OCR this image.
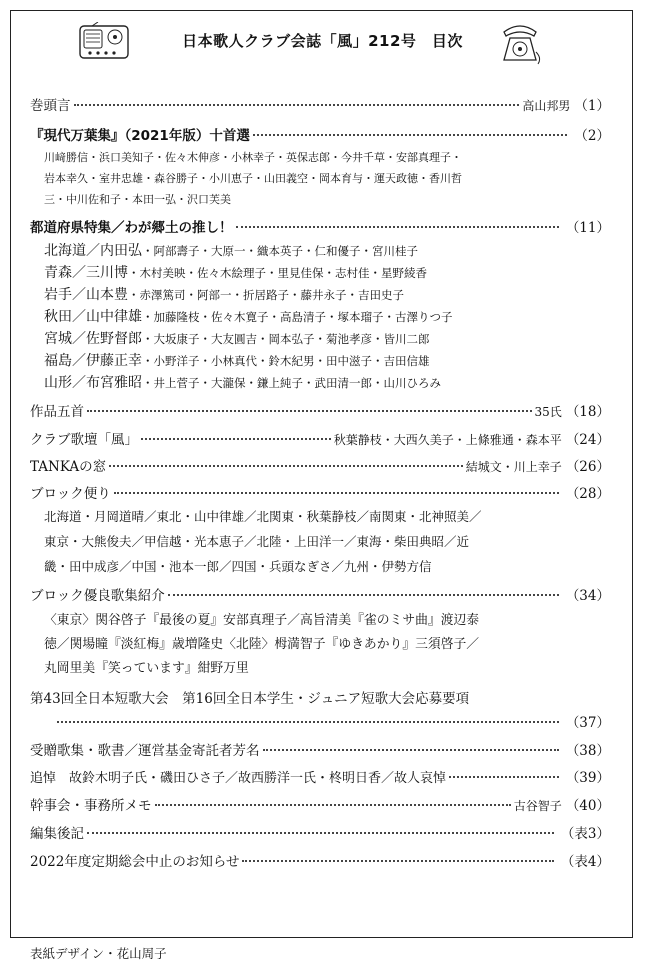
日本歌人クラブ会誌「風」212号　目次
巻頭言	高山邦男 （1）
『現代万葉集』（2021年版）十首選	（2）
川﨑勝信・浜口美知子・佐々木伸彦・小林幸子・英保志郎・今井千草・安部真理子・
岩本幸久・室井忠雄・森谷勝子・小川恵子・山田義空・岡本育与・運天政徳・香川哲
三・中川佐和子・本田一弘・沢口芙美
都道府県特集／わが郷土の推し！	（11）
北海道／内田弘・阿部壽子・大原一・織本英子・仁和優子・宮川桂子
青森／三川博・木村美映・佐々木絵理子・里見佳保・志村佳・星野綾香
岩手／山本豊・赤澤篤司・阿部一・折居路子・藤井永子・吉田史子
秋田／山中律雄・加藤隆枝・佐々木寛子・高島清子・塚本瑠子・古澤りつ子
宮城／佐野督郎・大坂康子・大友圓吉・岡本弘子・菊池孝彦・皆川二郎
福島／伊藤正幸・小野洋子・小林真代・鈴木紀男・田中滋子・吉田信雄
山形／布宮雅昭・井上菅子・大瀧保・鎌上純子・武田清一郎・山川ひろみ
作品五首	35氏 （18）
クラブ歌壇「風」	秋葉静枝・大西久美子・上條雅通・森本平 （24）
TANKAの窓	結城文・川上幸子 （26）
ブロック便り	（28）
北海道・月岡道晴／東北・山中律雄／北関東・秋葉静枝／南関東・北神照美／
東京・大熊俊夫／甲信越・光本恵子／北陸・上田洋一／東海・柴田典昭／近
畿・田中成彦／中国・池本一郎／四国・兵頭なぎさ／九州・伊勢方信
ブロック優良歌集紹介	（34）
〈東京〉関谷啓子『最後の夏』安部真理子／高旨清美『雀のミサ曲』渡辺泰
徳／関場瞳『淡紅梅』歳増隆史〈北陸〉栂満智子『ゆきあかり』三須啓子／
丸岡里美『笑っています』紺野万里
第43回全日本短歌大会　第16回全日本学生・ジュニア短歌大会応募要項
（37）
受贈歌集・歌書／運営基金寄託者芳名	（38）
追悼　故鈴木明子氏・磯田ひさ子／故西勝洋一氏・柊明日香／故人哀悼	（39）
幹事会・事務所メモ	古谷智子 （40）
編集後記	（表3）
2022年度定期総会中止のお知らせ	（表4）
表紙デザイン・花山周子
